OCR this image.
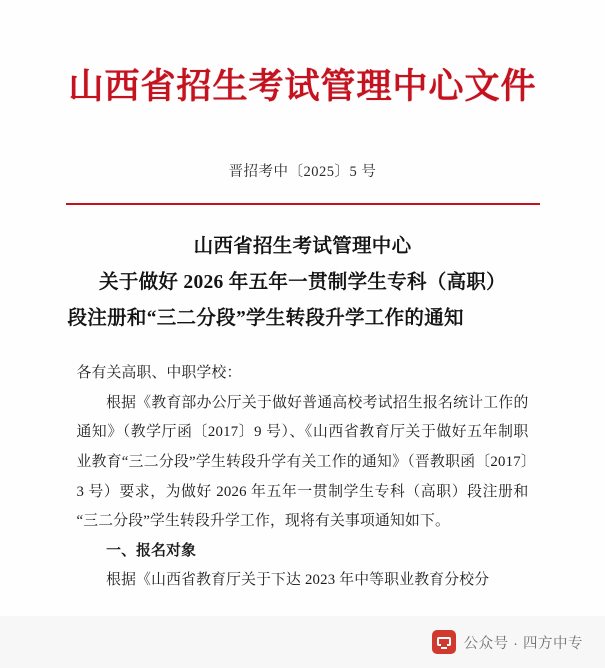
山西省招生考试管理中心文件
晋招考中〔2025〕5 号
山西省招生考试管理中心
关于做好 2026 年五年一贯制学生专科（高职）
段注册和“三二分段”学生转段升学工作的通知

各有关高职、中职学校：

根据《教育部办公厅关于做好普通高校考试招生报名统计工作的通知》（教学厅函〔2017〕9 号）、《山西省教育厅关于做好五年制职业教育“三二分段”学生转段升学有关工作的通知》（晋教职函〔2017〕3 号）要求，为做好 2026 年五年一贯制学生专科（高职）段注册和“三二分段”学生转段升学工作，现将有关事项通知如下。

一、报名对象

根据《山西省教育厅关于下达 2023 年中等职业教育分校分

公众号 · 四方中专
